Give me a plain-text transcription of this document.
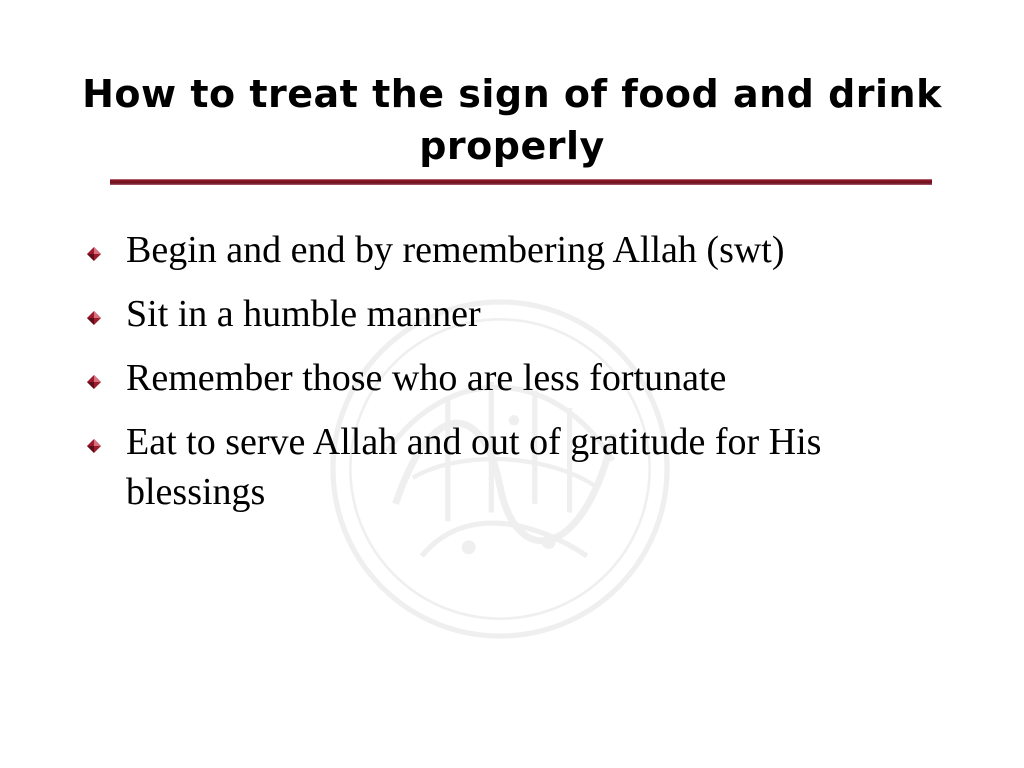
How to treat the sign of food and drink properly
Begin and end by remembering Allah (swt)
Sit in a humble manner
Remember those who are less fortunate
Eat to serve Allah and out of gratitude for His blessings
